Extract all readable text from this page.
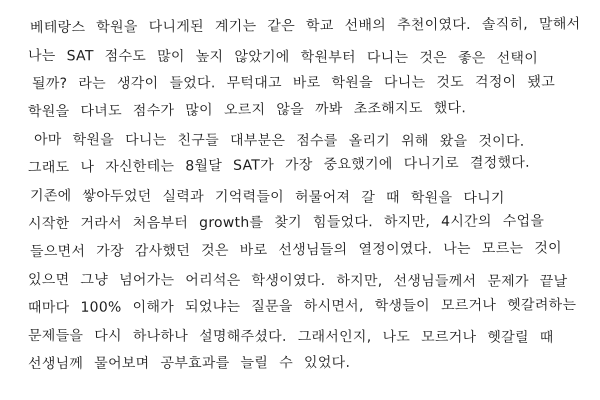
베테랑스 학원을 다니게된 계기는 같은 학교 선배의 추천이였다. 솔직히, 말해서
나는 SAT 점수도 많이 높지 않았기에 학원부터 다니는 것은 좋은 선택이
될까? 라는 생각이 들었다. 무턱대고 바로 학원을 다니는 것도 걱정이 됐고
학원을 다녀도 점수가 많이 오르지 않을 까봐 초조해지도 했다.
아마 학원을 다니는 친구들 대부분은 점수를 올리기 위해 왔을 것이다.
그래도 나 자신한테는 8월달 SAT가 가장 중요했기에 다니기로 결정했다.
기존에 쌓아두었던 실력과 기억력들이 허물어져 갈 때 학원을 다니기
시작한 거라서 처음부터 growth를 찾기 힘들었다. 하지만, 4시간의 수업을
들으면서 가장 감사했던 것은 바로 선생님들의 열정이였다. 나는 모르는 것이
있으면 그냥 넘어가는 어리석은 학생이였다. 하지만, 선생님들께서 문제가 끝날
때마다 100% 이해가 되었냐는 질문을 하시면서, 학생들이 모르거나 헷갈려하는
문제들을 다시 하나하나 설명해주셨다. 그래서인지, 나도 모르거나 헷갈릴 때
선생님께 물어보며 공부효과를 늘릴 수 있었다.
